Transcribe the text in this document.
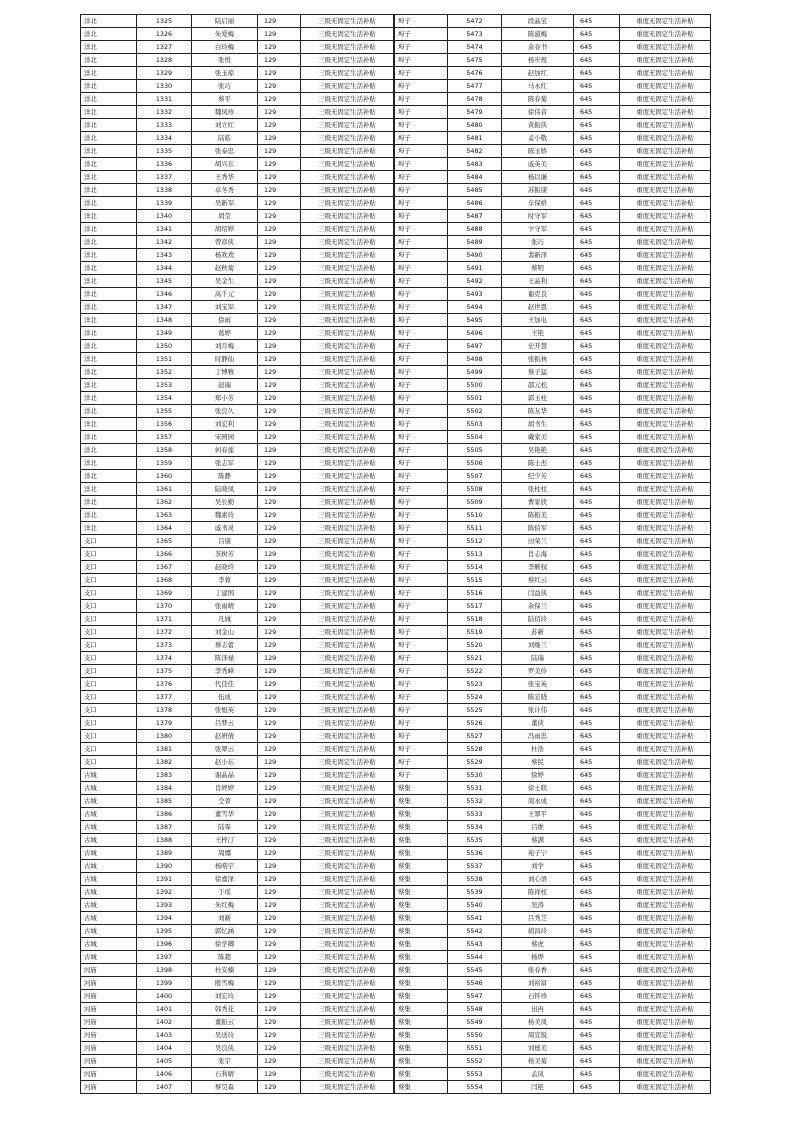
洋北	1325	陆启丽	129	三级无固定生活补贴
洋北	1326	朱爱梅	129	三级无固定生活补贴
洋北	1327	白玲梅	129	三级无固定生活补贴
洋北	1328	张悦	129	三级无固定生活补贴
洋北	1329	张玉琼	129	三级无固定生活补贴
洋北	1330	张巧	129	三级无固定生活补贴
洋北	1331	蔡平	129	三级无固定生活补贴
洋北	1332	魏凤珍	129	三级无固定生活补贴
洋北	1333	刘立红	129	三级无固定生活补贴
洋北	1334	陆皓	129	三级无固定生活补贴
洋北	1335	张泰忠	129	三级无固定生活补贴
洋北	1336	胡兴东	129	三级无固定生活补贴
洋北	1337	王秀华	129	三级无固定生活补贴
洋北	1338	卓冬秀	129	三级无固定生活补贴
洋北	1339	吴新军	129	三级无固定生活补贴
洋北	1340	胡莹	129	三级无固定生活补贴
洋北	1341	胡绍婷	129	三级无固定生活补贴
洋北	1342	曾彦侠	129	三级无固定生活补贴
洋北	1343	杨欢欢	129	三级无固定生活补贴
洋北	1344	赵秋菊	129	三级无固定生活补贴
洋北	1345	吴金生	129	三级无固定生活补贴
洋北	1346	高千元	129	三级无固定生活补贴
洋北	1347	刘宝军	129	三级无固定生活补贴
洋北	1348	徐雨	129	三级无固定生活补贴
洋北	1349	葛婷	129	三级无固定生活补贴
洋北	1350	刘月梅	129	三级无固定生活补贴
洋北	1351	时静仙	129	三级无固定生活补贴
洋北	1352	丁博雅	129	三级无固定生活补贴
洋北	1353	赵瑞	129	三级无固定生活补贴
洋北	1354	郑小芳	129	三级无固定生活补贴
洋北	1355	张良久	129	三级无固定生活补贴
洋北	1356	刘宏利	129	三级无固定生活补贴
洋北	1357	宋园园	129	三级无固定生活补贴
洋北	1358	何春莲	129	三级无固定生活补贴
洋北	1359	张志军	129	三级无固定生活补贴
洋北	1360	陈静	129	三级无固定生活补贴
洋北	1361	陆晓凤	129	三级无固定生活补贴
洋北	1362	吴长勤	129	三级无固定生活补贴
洋北	1363	魏素玲	129	三级无固定生活补贴
洋北	1364	戚书灵	129	三级无固定生活补贴
支口	1365	吕康	129	三级无固定生活补贴
支口	1366	茶树芳	129	三级无固定生活补贴
支口	1367	赵晓玲	129	三级无固定生活补贴
支口	1368	李蓉	129	三级无固定生活补贴
支口	1369	丁建国	129	三级无固定生活补贴
支口	1370	张雨晴	129	三级无固定生活补贴
支口	1371	凡城	129	三级无固定生活补贴
支口	1372	刘金山	129	三级无固定生活补贴
支口	1373	蔡志蕾	129	三级无固定生活补贴
支口	1374	陈泽禄	129	三级无固定生活补贴
支口	1375	李秀峰	129	三级无固定生活补贴
支口	1376	代佳佳	129	三级无固定生活补贴
支口	1377	伍成	129	三级无固定生活补贴
支口	1378	张旭英	129	三级无固定生活补贴
支口	1379	吕梦云	129	三级无固定生活补贴
支口	1380	赵妍倩	129	三级无固定生活补贴
支口	1381	张翠云	129	三级无固定生活补贴
支口	1382	赵小东	129	三级无固定生活补贴
古城	1383	谢晶晶	129	三级无固定生活补贴
古城	1384	肖婷婷	129	三级无固定生活补贴
古城	1385	仝菁	129	三级无固定生活补贴
古城	1386	董雪华	129	三级无固定生活补贴
古城	1387	陆霏	129	三级无固定生活补贴
古城	1388	王梓汀	129	三级无固定生活补贴
古城	1389	周娜	129	三级无固定生活补贴
古城	1390	杨晧宇	129	三级无固定生活补贴
古城	1391	徐嘉泽	129	三级无固定生活补贴
古城	1392	于瑶	129	三级无固定生活补贴
古城	1393	朱红梅	129	三级无固定生活补贴
古城	1394	刘新	129	三级无固定生活补贴
古城	1395	郭忆涵	129	三级无固定生活补贴
古城	1396	徐学卿	129	三级无固定生活补贴
古城	1397	陈超	129	三级无固定生活补贴
河庙	1398	杜安楠	129	三级无固定生活补贴
河庙	1399	殷雪梅	129	三级无固定生活补贴
河庙	1400	刘宏玲	129	三级无固定生活补贴
河庙	1401	韩秀花	129	三级无固定生活补贴
河庙	1402	董振云	129	三级无固定生活补贴
河庙	1403	吴送玲	129	三级无固定生活补贴
河庙	1404	吴良侠	129	三级无固定生活补贴
河庙	1405	张宇	129	三级无固定生活补贴
河庙	1406	石利晴	129	三级无固定生活补贴
河庙	1407	蔡昊森	129	三级无固定生活补贴
埠子	5472	段晶宝	645	重度无固定生活补贴
埠子	5473	陈淑梅	645	重度无固定生活补贴
埠子	5474	余春书	645	重度无固定生活补贴
埠子	5475	杨步规	645	重度无固定生活补贴
埠子	5476	赵加红	645	重度无固定生活补贴
埠子	5477	马永红	645	重度无固定生活补贴
埠子	5478	陈春菊	645	重度无固定生活补贴
埠子	5479	徐伟音	645	重度无固定生活补贴
埠子	5480	黄振侠	645	重度无固定生活补贴
埠子	5481	孟小敬	645	重度无固定生活补贴
埠子	5482	陈玉娇	645	重度无固定生活补贴
埠子	5483	戚英美	645	重度无固定生活补贴
埠子	5484	杨以谦	645	重度无固定生活补贴
埠子	5485	苏振康	645	重度无固定生活补贴
埠子	5486	车保格	645	重度无固定生活补贴
埠子	5487	时守军	645	重度无固定生活补贴
埠子	5488	卞守军	645	重度无固定生活补贴
埠子	5489	张巧	645	重度无固定生活补贴
埠子	5490	裴新泽	645	重度无固定生活补贴
埠子	5491	蔡明	645	重度无固定生活补贴
埠子	5492	王晶利	645	重度无固定生活补贴
埠子	5493	葡克良	645	重度无固定生活补贴
埠子	5494	赵世恩	645	重度无固定生活补贴
埠子	5495	王加电	645	重度无固定生活补贴
埠子	5496	王艳	645	重度无固定生活补贴
埠子	5497	史开慧	645	重度无固定生活补贴
埠子	5498	张振林	645	重度无固定生活补贴
埠子	5499	蔡子猛	645	重度无固定生活补贴
埠子	5500	邵元松	645	重度无固定生活补贴
埠子	5501	郭玉柱	645	重度无固定生活补贴
埠子	5502	陈友华	645	重度无固定生活补贴
埠子	5503	胡书生	645	重度无固定生活补贴
埠子	5504	戴家美	645	重度无固定生活补贴
埠子	5505	吴艳艳	645	重度无固定生活补贴
埠子	5506	陈士杰	645	重度无固定生活补贴
埠子	5507	纪少芳	645	重度无固定生活补贴
埠子	5508	张柱柱	645	重度无固定生活补贴
埠子	5509	曹家欣	645	重度无固定生活补贴
埠子	5510	陈振美	645	重度无固定生活补贴
埠子	5511	陈伯军	645	重度无固定生活补贴
埠子	5512	田荣兰	645	重度无固定生活补贴
埠子	5513	肖志海	645	重度无固定生活补贴
埠子	5514	李顺权	645	重度无固定生活补贴
埠子	5515	蔡红云	645	重度无固定生活补贴
埠子	5516	闫益侠	645	重度无固定生活补贴
埠子	5517	余保兰	645	重度无固定生活补贴
埠子	5518	陆佰玲	645	重度无固定生活补贴
埠子	5519	苏新	645	重度无固定生活补贴
埠子	5520	刘继兰	645	重度无固定生活补贴
埠子	5521	陆瑞	645	重度无固定生活补贴
埠子	5522	罗美伶	645	重度无固定生活补贴
埠子	5523	张宝英	645	重度无固定生活补贴
埠子	5524	陈宏晓	645	重度无固定生活补贴
埠子	5525	张计伟	645	重度无固定生活补贴
埠子	5526	董侠	645	重度无固定生活补贴
埠子	5527	冯雨忠	645	重度无固定生活补贴
埠子	5528	杜浩	645	重度无固定生活补贴
埠子	5529	蔡民	645	重度无固定生活补贴
埠子	5530	徐婷	645	重度无固定生活补贴
蔡集	5531	徐士联	645	重度无固定生活补贴
蔡集	5532	周永成	645	重度无固定生活补贴
蔡集	5533	王翠平	645	重度无固定生活补贴
蔡集	5534	吕维	645	重度无固定生活补贴
蔡集	5535	蔡满	645	重度无固定生活补贴
蔡集	5536	苑子宁	645	重度无固定生活补贴
蔡集	5537	刘学	645	重度无固定生活补贴
蔡集	5538	刘心语	645	重度无固定生活补贴
蔡集	5539	陈祥柱	645	重度无固定生活补贴
蔡集	5540	吴涛	645	重度无固定生活补贴
蔡集	5541	吕秀芝	645	重度无固定生活补贴
蔡集	5542	胡昌玲	645	重度无固定生活补贴
蔡集	5543	蔡虎	645	重度无固定生活补贴
蔡集	5544	杨烨	645	重度无固定生活补贴
蔡集	5545	张春香	645	重度无固定生活补贴
蔡集	5546	刘裕富	645	重度无固定生活补贴
蔡集	5547	石怀珍	645	重度无固定生活补贴
蔡集	5548	田冉	645	重度无固定生活补贴
蔡集	5549	杨美凤	645	重度无固定生活补贴
蔡集	5550	周宣锐	645	重度无固定生活补贴
蔡集	5551	刘德美	645	重度无固定生活补贴
蔡集	5552	杨美菊	645	重度无固定生活补贴
蔡集	5553	孟凤	645	重度无固定生活补贴
蔡集	5554	闫艳	645	重度无固定生活补贴
